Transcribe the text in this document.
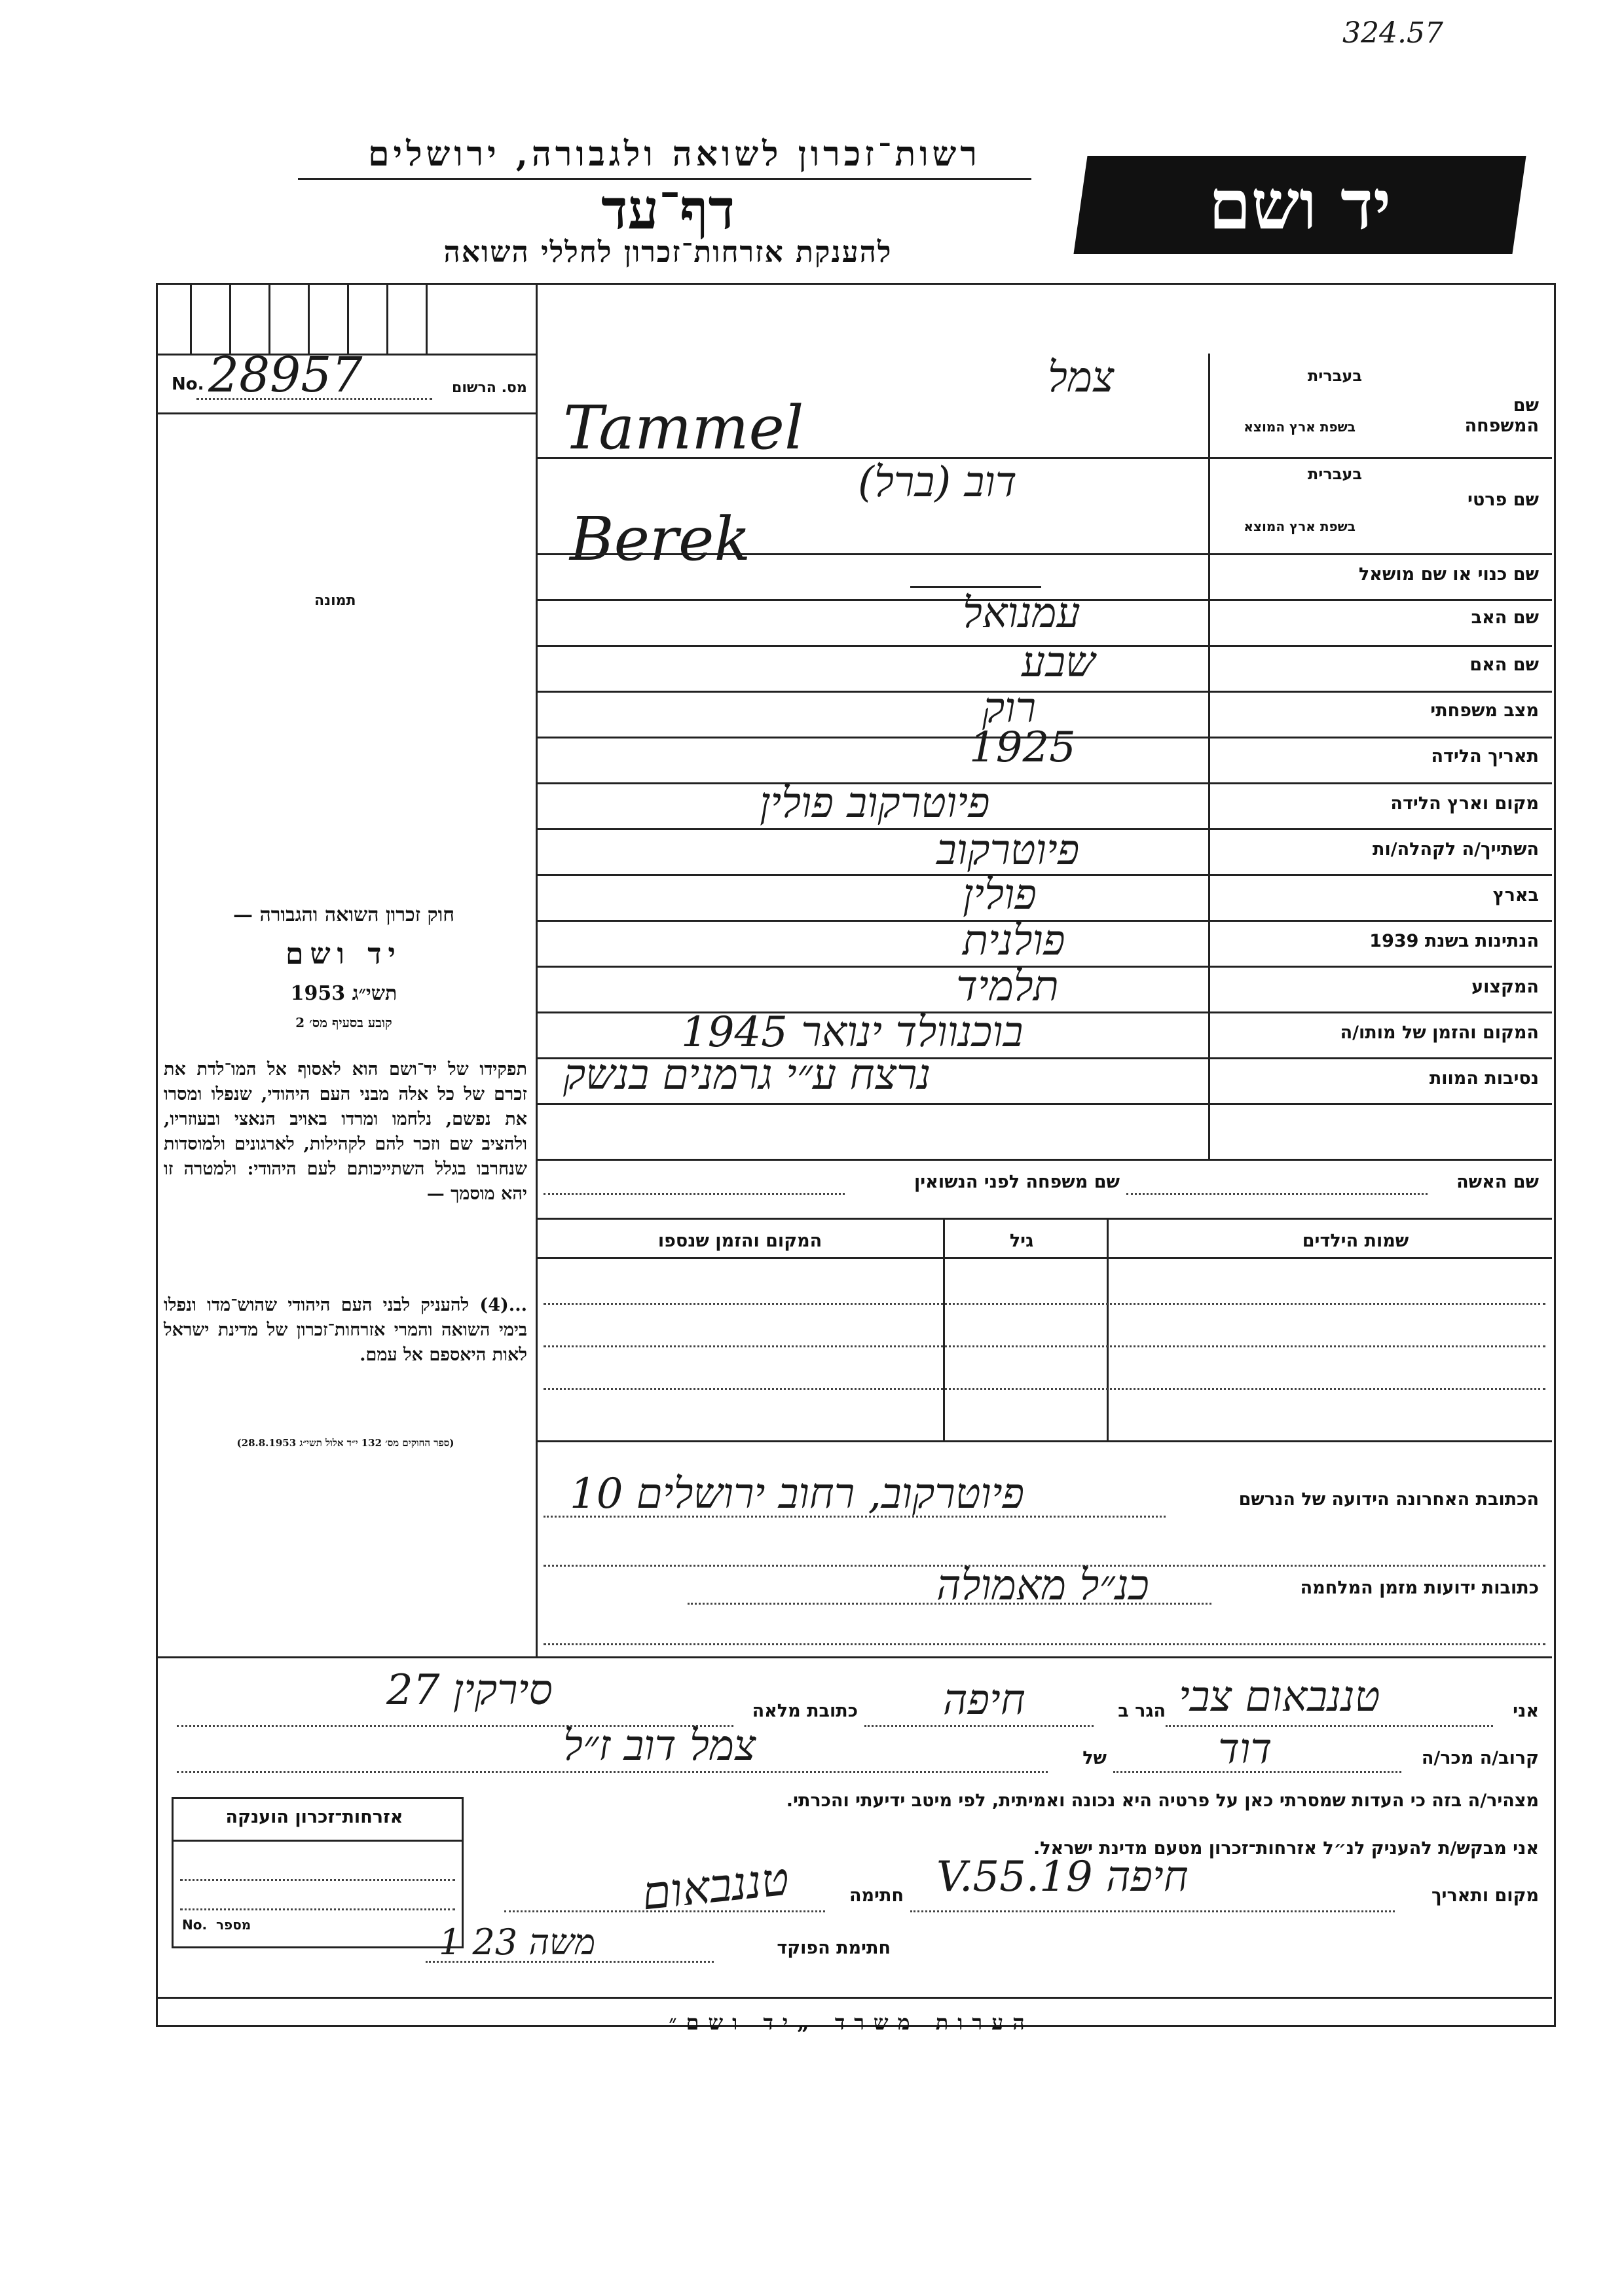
324.57
רשות־זכרון לשואה ולגבורה, ירושלים
דף־עד
להענקת אזרחות־זכרון לחללי השואה
יד ושם
No. 28957	מס. הרשום
תמונה
שם המשפחה
בעברית
בשפת ארץ המוצא
צמל
Tammel
שם פרטי
בעברית
בשפת ארץ המוצא
דוב (ברל)
Berek
שם כנוי או שם מושאל
שם האב
עמנואל
שם האם
שבע
מצב משפחתי
רוק
תאריך הלידה
1925
מקום וארץ הלידה
פיוטרקוב פולין
השתייך/ה לקהלה/ות
פיוטרקוב
בארץ
פולין
הנתינות בשנת 1939
פולנית
המקצוע
תלמיד
המקום והזמן של מותו/ה
בוכנוולד ינואר 1945
נסיבות המוות
נרצח ע״י גרמנים בנשק
חוק זכרון השואה והגבורה —
יד ושם
תשי״ג 1953
קובע בסעיף מס׳ 2
תפקידו של יד־ושם הוא לאסוף אל המו־לדת את זכרם של כל אלה מבני העם היהודי, שנפלו ומסרו את נפשם, נלחמו ומרדו באויב הנאצי ובעוזריו, ולהציב שם וזכר להם לקהילות, לארגונים ולמוסדות שנחרבו בגלל השתייכותם לעם היהודי: ולמטרה זו יהא מוסמך —
...(4) להעניק לבני העם היהודי שהוש־מדו ונפלו בימי השואה והמרי אזרחות־זכרון של מדינת ישראל לאות היאספם אל עמם.
(ספר החוקים מס׳ 132 י״ד אלול תשי״ג 28.8.1953)
שם האשה
שם משפחה לפני הנשואין
שמות הילדים
גיל
המקום והזמן שנספו
הכתובת האחרונה הידועה של הנרשם
פיוטרקוב, רחוב ירושלים 10
כתובות ידועות מזמן המלחמה
כנ״ל מאמולה
אני
טננבאום צבי
הגר ב
חיפה
כתובת מלאה
סירקין 27
קרוב/ה מכר/ה
דוד
של
צמל דוב ז״ל
מצהיר/ה בזה כי העדות שמסרתי כאן על פרטיה היא נכונה ואמיתית, לפי מיטב ידיעתי והכרתי.
אני מבקש/ת להעניק לנ״ל אזרחות־זכרון מטעם מדינת ישראל.
מקום ותאריך
חיפה 19.V.55
חתימה
טננבאום
חתימת הפוקד
1 משה 23
אזרחות־זכרון הוענקה
No. מספר
הערות משרד „יד ושם״
